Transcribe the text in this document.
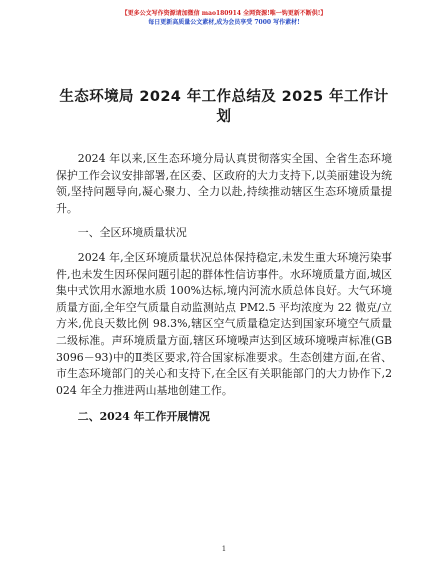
【更多公文写作资源请加微信 mao180914 全网资源!唯一钩更新不断供!】
每日更新高质量公文素材,成为会员享受 7000 写作素材!
生态环境局 2024 年工作总结及 2025 年工作计划

2024 年以来,区生态环境分局认真贯彻落实全国、全省生态环境保护工作会议安排部署,在区委、区政府的大力支持下,以美丽建设为统领,坚持问题导向,凝心聚力、全力以赴,持续推动辖区生态环境质量提升。

一、全区环境质量状况

2024 年,全区环境质量状况总体保持稳定,未发生重大环境污染事件,也未发生因环保问题引起的群体性信访事件。水环境质量方面,城区集中式饮用水源地水质 100%达标,境内河流水质总体良好。大气环境质量方面,全年空气质量自动监测站点 PM2.5 平均浓度为 22 微克/立方米,优良天数比例 98.3%,辖区空气质量稳定达到国家环境空气质量二级标准。声环境质量方面,辖区环境噪声达到区域环境噪声标准(GB3096－93)中的Ⅱ类区要求,符合国家标准要求。生态创建方面,在省、市生态环境部门的关心和支持下,在全区有关职能部门的大力协作下,2024 年全力推进两山基地创建工作。

二、2024 年工作开展情况

1
